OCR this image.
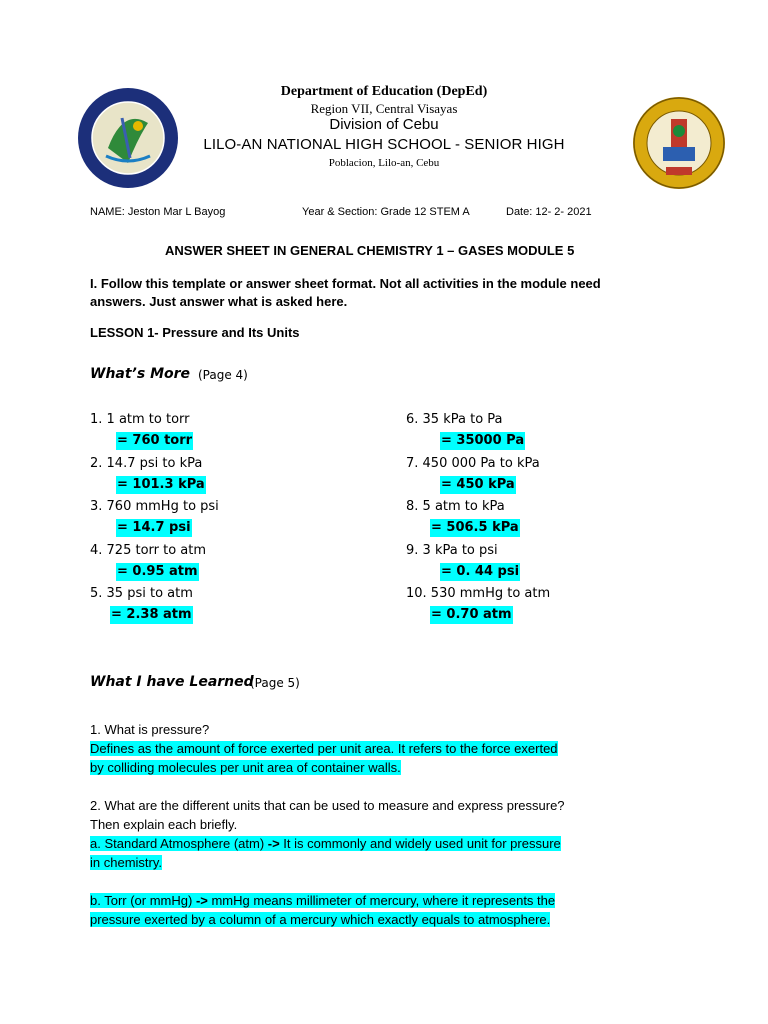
Department of Education (DepEd)
Region VII, Central Visayas
Division of Cebu
LILO-AN NATIONAL HIGH SCHOOL - SENIOR HIGH
Poblacion, Lilo-an, Cebu
NAME: Jeston Mar L Bayog	Year & Section: Grade 12 STEM A	Date: 12- 2- 2021
ANSWER SHEET IN GENERAL CHEMISTRY 1 – GASES MODULE 5
I. Follow this template or answer sheet format. Not all activities in the module need answers. Just answer what is asked here.
LESSON 1- Pressure and Its Units
What’s More (Page 4)
1. 1 atm to torr
= 760 torr
2. 14.7 psi to kPa
= 101.3 kPa
3. 760 mmHg to psi
= 14.7 psi
4. 725 torr to atm
= 0.95 atm
5. 35 psi to atm
= 2.38 atm
6. 35 kPa to Pa
= 35000 Pa
7. 450 000 Pa to kPa
= 450 kPa
8. 5 atm to kPa
= 506.5 kPa
9. 3 kPa to psi
= 0. 44 psi
10. 530 mmHg to atm
= 0.70 atm
What I have Learned
(Page 5)
1. What is pressure?
Defines as the amount of force exerted per unit area. It refers to the force exerted
by colliding molecules per unit area of container walls.
2. What are the different units that can be used to measure and express pressure?
Then explain each briefly.
a. Standard Atmosphere (atm) -> It is commonly and widely used unit for pressure
in chemistry.
b. Torr (or mmHg) -> mmHg means millimeter of mercury, where it represents the
pressure exerted by a column of a mercury which exactly equals to atmosphere.
